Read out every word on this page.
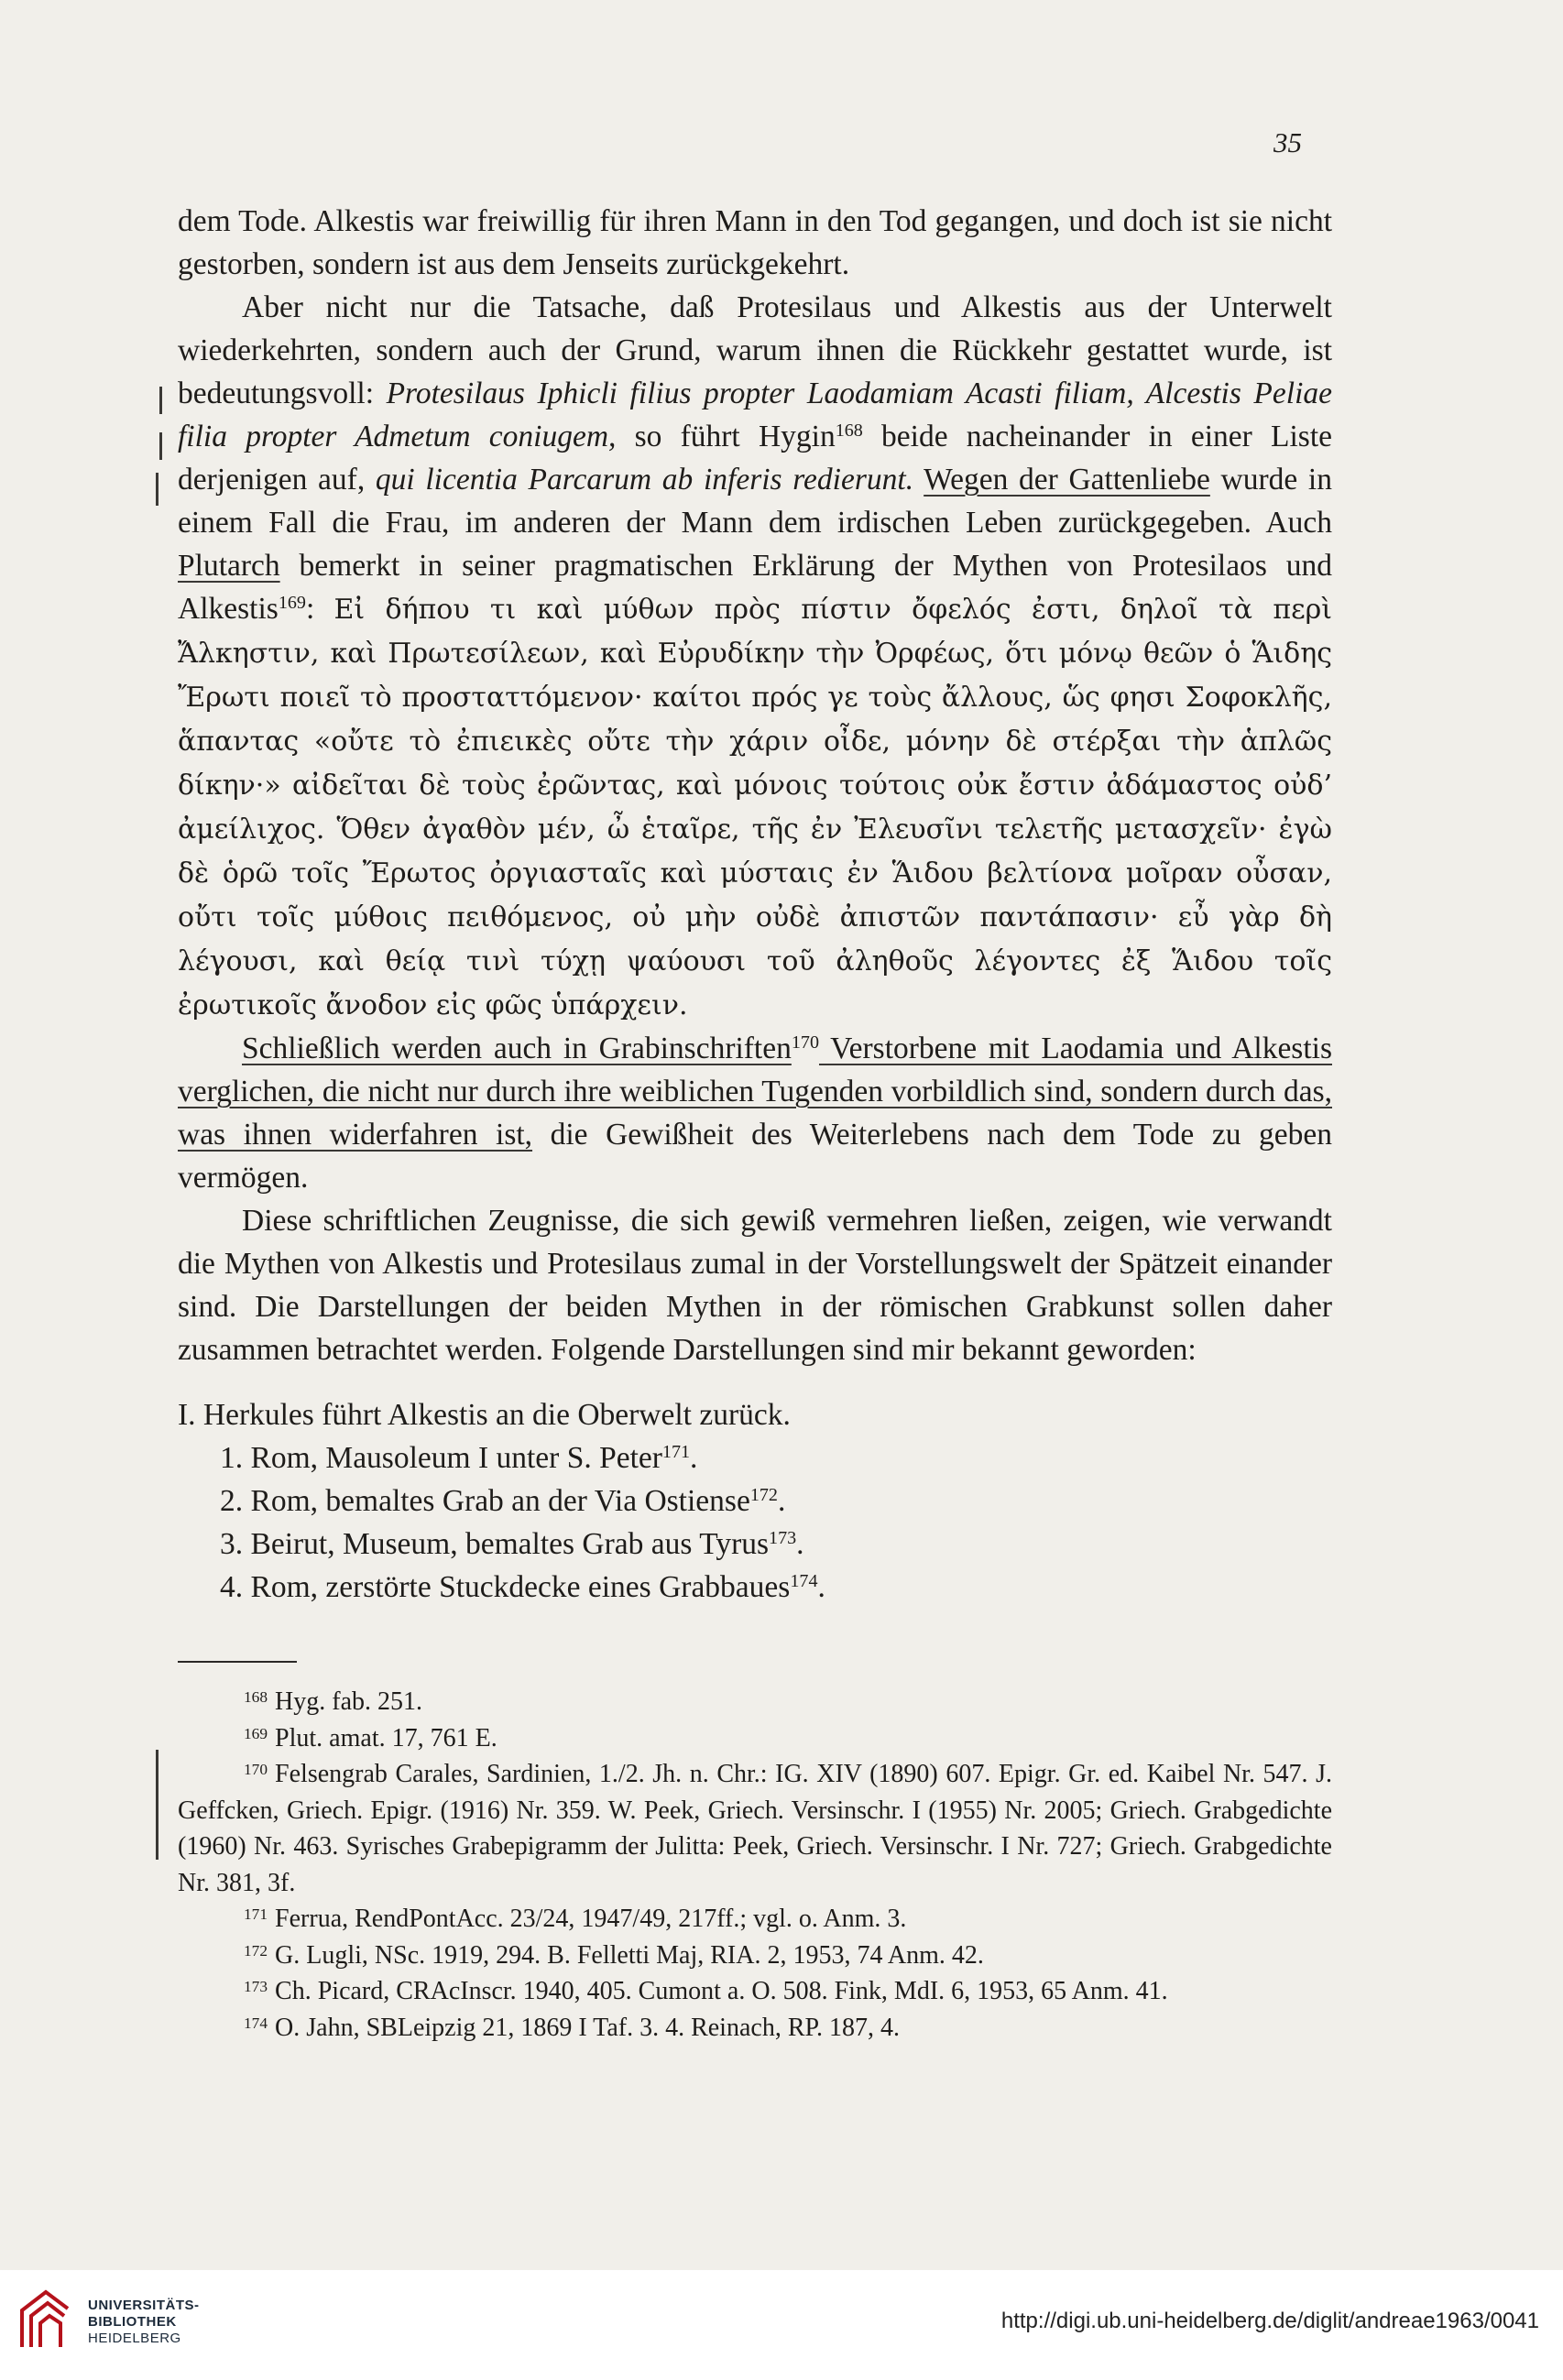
35

dem Tode. Alkestis war freiwillig für ihren Mann in den Tod gegangen, und doch ist sie nicht gestorben, sondern ist aus dem Jenseits zurückgekehrt.

Aber nicht nur die Tatsache, daß Protesilaus und Alkestis aus der Unterwelt wiederkehrten, sondern auch der Grund, warum ihnen die Rückkehr gestattet wurde, ist bedeutungsvoll: Protesilaus Iphicli filius propter Laodamiam Acasti filiam, Alcestis Peliae filia propter Admetum coniugem, so führt Hygin$^{168}$ beide nacheinander in einer Liste derjenigen auf, qui licentia Parcarum ab inferis redierunt. Wegen der Gattenliebe wurde in einem Fall die Frau, im anderen der Mann dem irdischen Leben zurückgegeben. Auch Plutarch bemerkt in seiner pragmatischen Erklärung der Mythen von Protesilaos und Alkestis$^{169}$: Εἰ δήπου τι καὶ μύθων πρὸς πίστιν ὄφελός ἐστι, δηλοῖ τὰ περὶ Ἄλκηστιν, καὶ Πρωτεσίλεων, καὶ Εὐρυδίκην τὴν Ὀρφέως, ὅτι μόνῳ θεῶν ὁ Ἅιδης Ἔρωτι ποιεῖ τὸ προσταττόμενον· καίτοι πρός γε τοὺς ἄλλους, ὥς φησι Σοφοκλῆς, ἅπαντας «οὔτε τὸ ἐπιεικὲς οὔτε τὴν χάριν οἶδε, μόνην δὲ στέρξαι τὴν ἁπλῶς δίκην·» αἰδεῖται δὲ τοὺς ἐρῶντας, καὶ μόνοις τούτοις οὐκ ἔστιν ἀδάμαστος οὐδ’ ἀμείλιχος. Ὅθεν ἀγαθὸν μέν, ὦ ἑταῖρε, τῆς ἐν Ἐλευσῖνι τελετῆς μετασχεῖν· ἐγὼ δὲ ὁρῶ τοῖς Ἔρωτος ὀργιασταῖς καὶ μύσταις ἐν Ἅιδου βελτίονα μοῖραν οὖσαν, οὔτι τοῖς μύθοις πειθόμενος, οὐ μὴν οὐδὲ ἀπιστῶν παντάπασιν· εὖ γὰρ δὴ λέγουσι, καὶ θείᾳ τινὶ τύχῃ ψαύουσι τοῦ ἀληθοῦς λέγοντες ἐξ Ἅιδου τοῖς ἐρωτικοῖς ἄνοδον εἰς φῶς ὑπάρχειν.

Schließlich werden auch in Grabinschriften$^{170}$ Verstorbene mit Laodamia und Alkestis verglichen, die nicht nur durch ihre weiblichen Tugenden vorbildlich sind, sondern durch das, was ihnen widerfahren ist, die Gewißheit des Weiterlebens nach dem Tode zu geben vermögen.

Diese schriftlichen Zeugnisse, die sich gewiß vermehren ließen, zeigen, wie verwandt die Mythen von Alkestis und Protesilaus zumal in der Vorstellungswelt der Spätzeit einander sind. Die Darstellungen der beiden Mythen in der römischen Grabkunst sollen daher zusammen betrachtet werden. Folgende Darstellungen sind mir bekannt geworden:

I. Herkules führt Alkestis an die Oberwelt zurück.
1. Rom, Mausoleum I unter S. Peter$^{171}$.
2. Rom, bemaltes Grab an der Via Ostiense$^{172}$.
3. Beirut, Museum, bemaltes Grab aus Tyrus$^{173}$.
4. Rom, zerstörte Stuckdecke eines Grabbaues$^{174}$.
$^{168}$ Hyg. fab. 251.
$^{169}$ Plut. amat. 17, 761 E.
$^{170}$ Felsengrab Carales, Sardinien, 1./2. Jh. n. Chr.: IG. XIV (1890) 607. Epigr. Gr. ed. Kaibel Nr. 547. J. Geffcken, Griech. Epigr. (1916) Nr. 359. W. Peek, Griech. Versinschr. I (1955) Nr. 2005; Griech. Grabgedichte (1960) Nr. 463. Syrisches Grabepigramm der Julitta: Peek, Griech. Versinschr. I Nr. 727; Griech. Grabgedichte Nr. 381, 3f.
$^{171}$ Ferrua, RendPontAcc. 23/24, 1947/49, 217ff.; vgl. o. Anm. 3.
$^{172}$ G. Lugli, NSc. 1919, 294. B. Felletti Maj, RIA. 2, 1953, 74 Anm. 42.
$^{173}$ Ch. Picard, CRAcInscr. 1940, 405. Cumont a. O. 508. Fink, MdI. 6, 1953, 65 Anm. 41.
$^{174}$ O. Jahn, SBLeipzig 21, 1869 I Taf. 3. 4. Reinach, RP. 187, 4.
UNIVERSITÄTS-
BIBLIOTHEK
HEIDELBERG
http://digi.ub.uni-heidelberg.de/diglit/andreae1963/0041
